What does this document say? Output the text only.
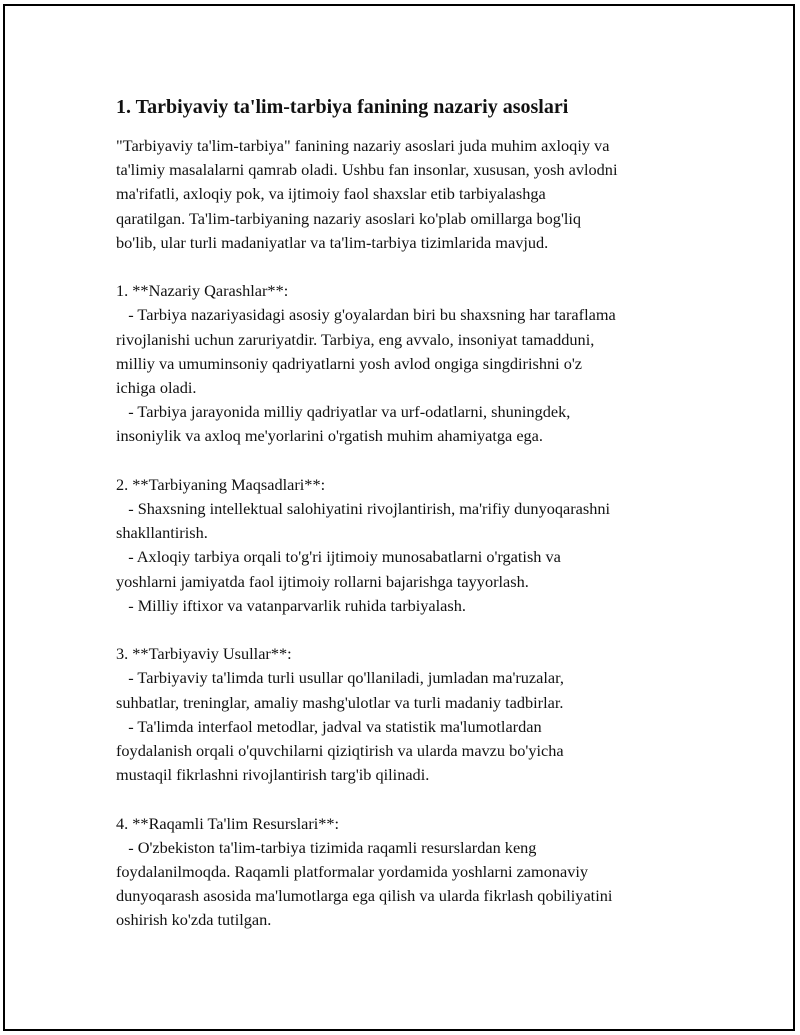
1. Tarbiyaviy ta'lim-tarbiya fanining nazariy asoslari
"Tarbiyaviy ta'lim-tarbiya" fanining nazariy asoslari juda muhim axloqiy va
ta'limiy masalalarni qamrab oladi. Ushbu fan insonlar, xususan, yosh avlodni
ma'rifatli, axloqiy pok, va ijtimoiy faol shaxslar etib tarbiyalashga
qaratilgan. Ta'lim-tarbiyaning nazariy asoslari ko'plab omillarga bog'liq
bo'lib, ular turli madaniyatlar va ta'lim-tarbiya tizimlarida mavjud.
1. **Nazariy Qarashlar**:
- Tarbiya nazariyasidagi asosiy g'oyalardan biri bu shaxsning har taraflama
rivojlanishi uchun zaruriyatdir. Tarbiya, eng avvalo, insoniyat tamadduni,
milliy va umuminsoniy qadriyatlarni yosh avlod ongiga singdirishni o'z
ichiga oladi.
- Tarbiya jarayonida milliy qadriyatlar va urf-odatlarni, shuningdek,
insoniylik va axloq me'yorlarini o'rgatish muhim ahamiyatga ega.
2. **Tarbiyaning Maqsadlari**:
- Shaxsning intellektual salohiyatini rivojlantirish, ma'rifiy dunyoqarashni
shakllantirish.
- Axloqiy tarbiya orqali to'g'ri ijtimoiy munosabatlarni o'rgatish va
yoshlarni jamiyatda faol ijtimoiy rollarni bajarishga tayyorlash.
- Milliy iftixor va vatanparvarlik ruhida tarbiyalash.
3. **Tarbiyaviy Usullar**:
- Tarbiyaviy ta'limda turli usullar qo'llaniladi, jumladan ma'ruzalar,
suhbatlar, treninglar, amaliy mashg'ulotlar va turli madaniy tadbirlar.
- Ta'limda interfaol metodlar, jadval va statistik ma'lumotlardan
foydalanish orqali o'quvchilarni qiziqtirish va ularda mavzu bo'yicha
mustaqil fikrlashni rivojlantirish targ'ib qilinadi.
4. **Raqamli Ta'lim Resurslari**:
- O'zbekiston ta'lim-tarbiya tizimida raqamli resurslardan keng
foydalanilmoqda. Raqamli platformalar yordamida yoshlarni zamonaviy
dunyoqarash asosida ma'lumotlarga ega qilish va ularda fikrlash qobiliyatini
oshirish ko'zda tutilgan.
